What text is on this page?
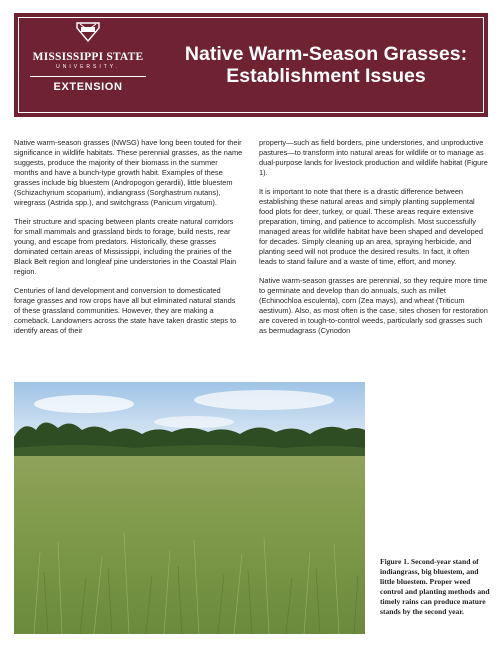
MISSISSIPPI STATE
UNIVERSITY.
EXTENSION
Native Warm-Season Grasses:
Establishment Issues

Native warm-season grasses (NWSG) have long been touted for their significance in wildlife habitats. These perennial grasses, as the name suggests, produce the majority of their biomass in the summer months and have a bunch-type growth habit. Examples of these grasses include big bluestem (Andropogon gerardii), little bluestem (Schizachyrium scoparium), indiangrass (Sorghastrum nutans), wiregrass (Astrida spp.), and switchgrass (Panicum virgatum).

Their structure and spacing between plants create natural corridors for small mammals and grassland birds to forage, build nests, rear young, and escape from predators. Historically, these grasses dominated certain areas of Mississippi, including the prairies of the Black Belt region and longleaf pine understories in the Coastal Plain region.

Centuries of land development and conversion to domesticated forage grasses and row crops have all but eliminated natural stands of these grassland communities. However, they are making a comeback. Landowners across the state have taken drastic steps to identify areas of their

property—such as field borders, pine understories, and unproductive pastures—to transform into natural areas for wildlife or to manage as dual-purpose lands for livestock production and wildlife habitat (Figure 1).

It is important to note that there is a drastic difference between establishing these natural areas and simply planting supplemental food plots for deer, turkey, or quail. These areas require extensive preparation, timing, and patience to accomplish. Most successfully managed areas for wildlife habitat have been shaped and developed for decades. Simply cleaning up an area, spraying herbicide, and planting seed will not produce the desired results. In fact, it often leads to stand failure and a waste of time, effort, and money.

Native warm-season grasses are perennial, so they require more time to germinate and develop than do annuals, such as millet (Echinochloa esculenta), corn (Zea mays), and wheat (Triticum aestivum). Also, as most often is the case, sites chosen for restoration are covered in tough-to-control weeds, particularly sod grasses such as bermudagrass (Cynodon

Figure 1. Second-year stand of indiangrass, big bluestem, and little bluestem. Proper weed control and planting methods and timely rains can produce mature stands by the second year.
